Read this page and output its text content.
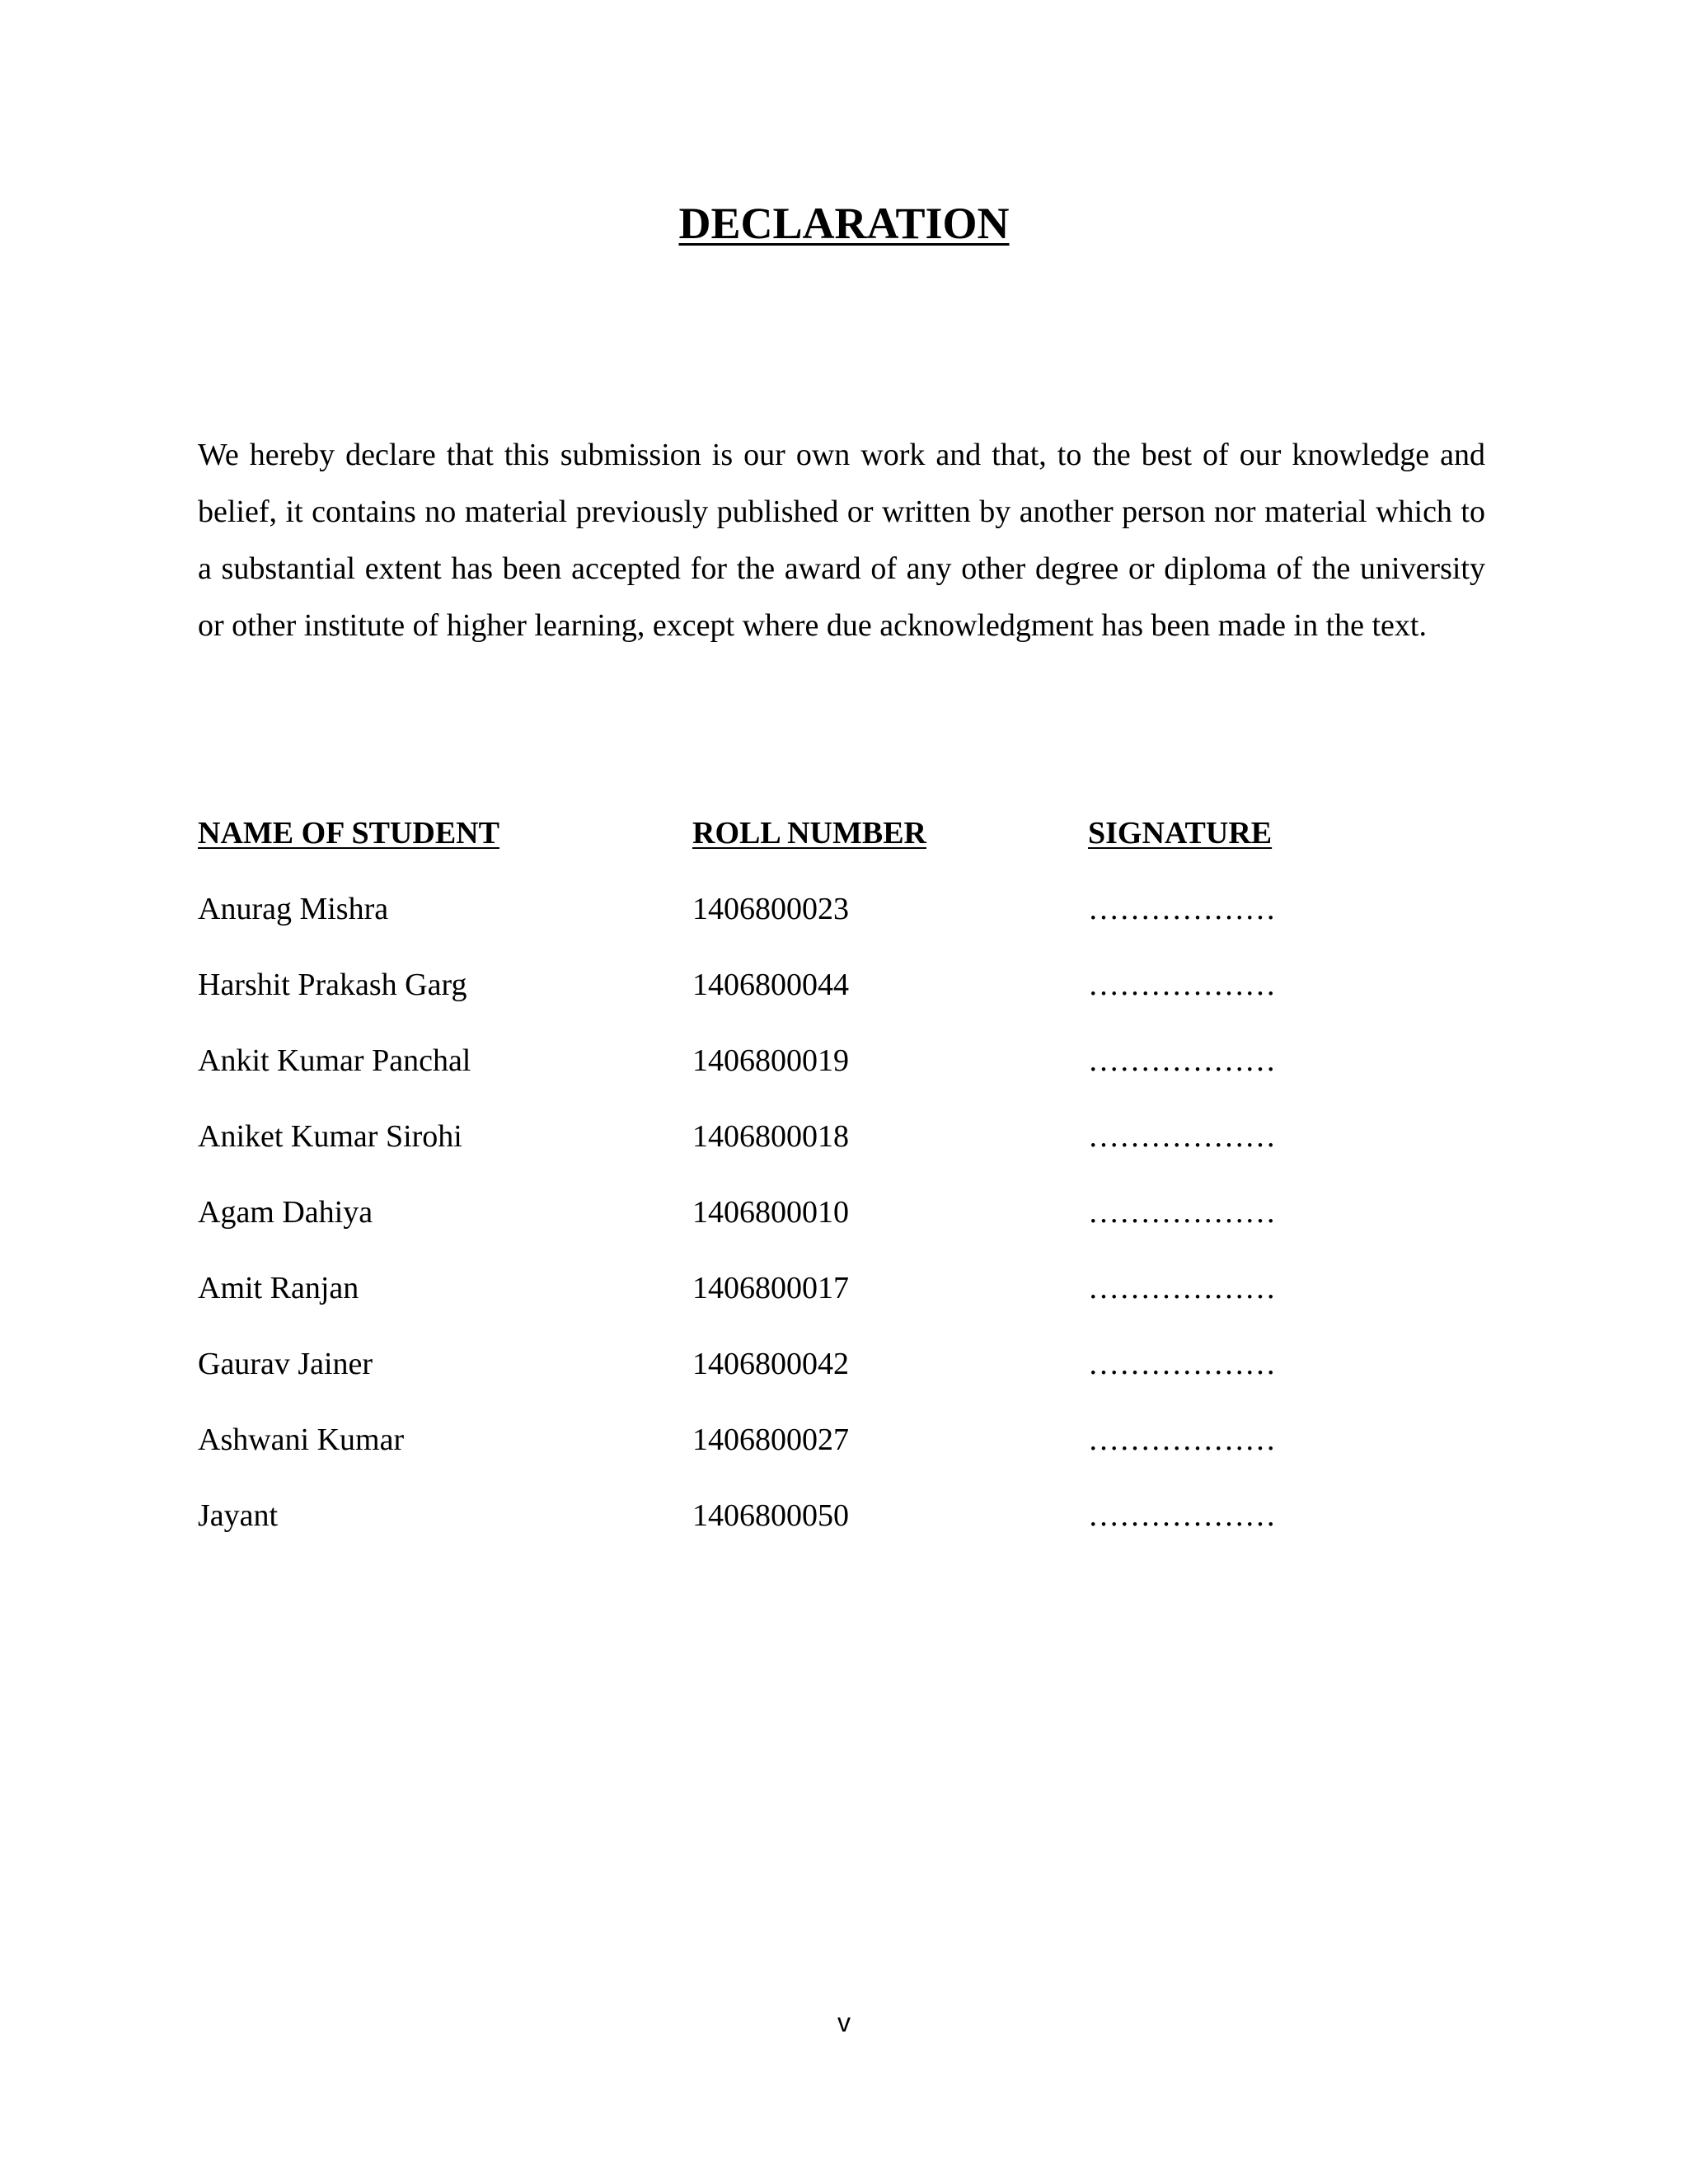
DECLARATION

We hereby declare that this submission is our own work and that, to the best of our knowledge and belief, it contains no material previously published or written by another person nor material which to a substantial extent has been accepted for the award of any other degree or diploma of the university or other institute of higher learning, except where due acknowledgment has been made in the text.

NAME OF STUDENT	ROLL NUMBER	SIGNATURE
Anurag Mishra	1406800023	………………
Harshit Prakash Garg	1406800044	………………
Ankit Kumar Panchal	1406800019	………………
Aniket Kumar Sirohi	1406800018	………………
Agam Dahiya	1406800010	………………
Amit Ranjan	1406800017	………………
Gaurav Jainer	1406800042	………………
Ashwani Kumar	1406800027	………………
Jayant	1406800050	………………
v
